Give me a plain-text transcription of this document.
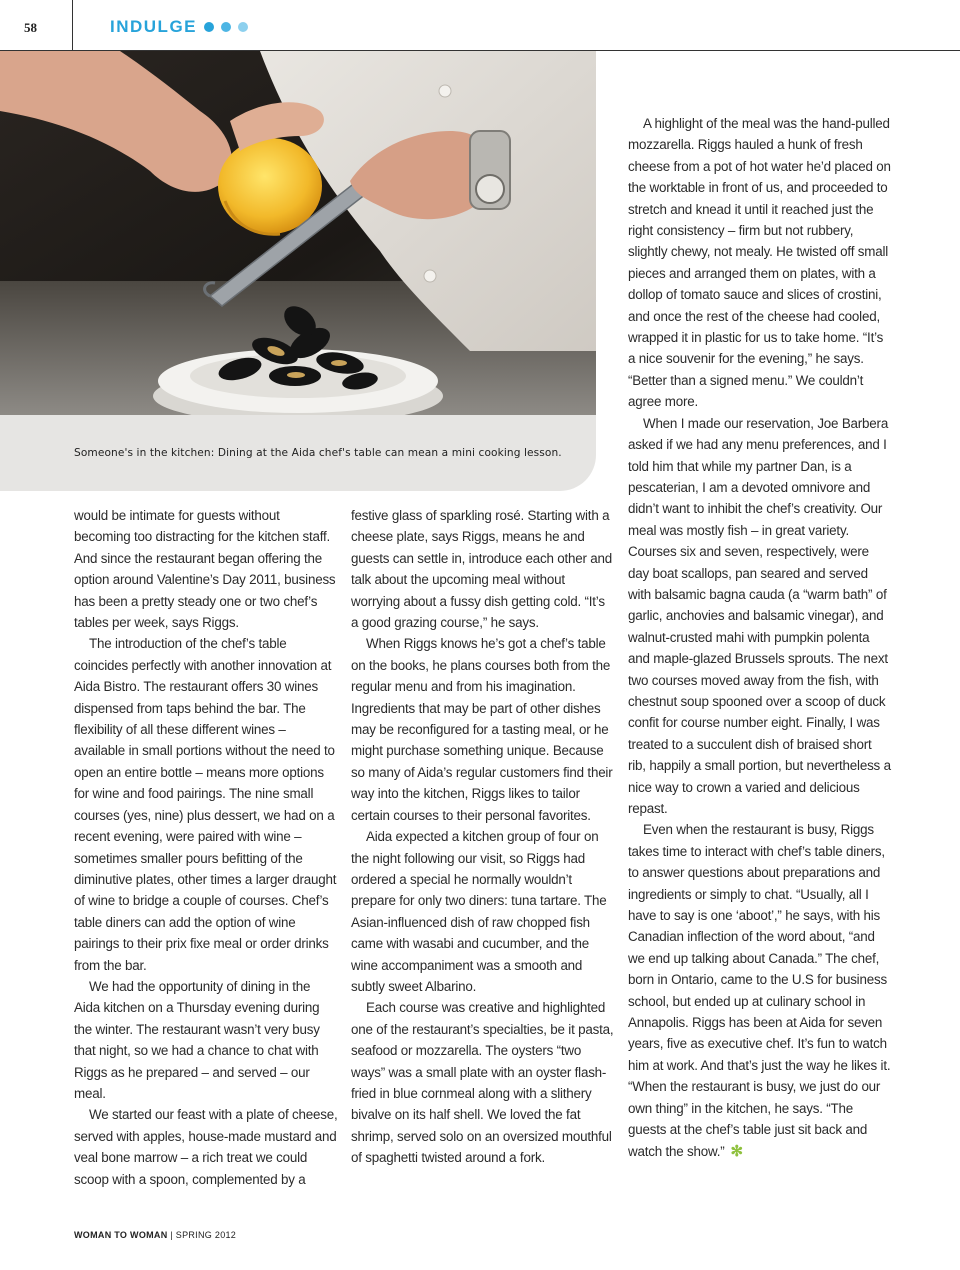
58	INDULGE
Someone's in the kitchen: Dining at the Aida chef's table can mean a mini cooking lesson.

would be intimate for guests without becoming too distracting for the kitchen staff. And since the restaurant began offering the option around Valentine’s Day 2011, business has been a pretty steady one or two chef’s tables per week, says Riggs.

The introduction of the chef’s table coincides perfectly with another innovation at Aida Bistro. The restaurant offers 30 wines dispensed from taps behind the bar. The flexibility of all these different wines – available in small portions without the need to open an entire bottle – means more options for wine and food pairings. The nine small courses (yes, nine) plus dessert, we had on a recent evening, were paired with wine – sometimes smaller pours befitting of the diminutive plates, other times a larger draught of wine to bridge a couple of courses. Chef’s table diners can add the option of wine pairings to their prix fixe meal or order drinks from the bar.

We had the opportunity of dining in the Aida kitchen on a Thursday evening during the winter. The restaurant wasn’t very busy that night, so we had a chance to chat with Riggs as he prepared – and served – our meal.

We started our feast with a plate of cheese, served with apples, house-made mustard and veal bone marrow – a rich treat we could scoop with a spoon, complemented by a

festive glass of sparkling rosé. Starting with a cheese plate, says Riggs, means he and guests can settle in, introduce each other and talk about the upcoming meal without worrying about a fussy dish getting cold. “It’s a good grazing course,” he says.

When Riggs knows he’s got a chef’s table on the books, he plans courses both from the regular menu and from his imagination. Ingredients that may be part of other dishes may be reconfigured for a tasting meal, or he might purchase something unique. Because so many of Aida’s regular customers find their way into the kitchen, Riggs likes to tailor certain courses to their personal favorites.

Aida expected a kitchen group of four on the night following our visit, so Riggs had ordered a special he normally wouldn’t prepare for only two diners: tuna tartare. The Asian-influenced dish of raw chopped fish came with wasabi and cucumber, and the wine accompaniment was a smooth and subtly sweet Albarino.

Each course was creative and highlighted one of the restaurant’s specialties, be it pasta, seafood or mozzarella. The oysters “two ways” was a small plate with an oyster flash-fried in blue cornmeal along with a slithery bivalve on its half shell. We loved the fat shrimp, served solo on an oversized mouthful of spaghetti twisted around a fork.

A highlight of the meal was the hand-pulled mozzarella. Riggs hauled a hunk of fresh cheese from a pot of hot water he’d placed on the worktable in front of us, and proceeded to stretch and knead it until it reached just the right consistency – firm but not rubbery, slightly chewy, not mealy. He twisted off small pieces and arranged them on plates, with a dollop of tomato sauce and slices of crostini, and once the rest of the cheese had cooled, wrapped it in plastic for us to take home. “It’s a nice souvenir for the evening,” he says. “Better than a signed menu.” We couldn’t agree more.

When I made our reservation, Joe Barbera asked if we had any menu preferences, and I told him that while my partner Dan, is a pescaterian, I am a devoted omnivore and didn’t want to inhibit the chef’s creativity. Our meal was mostly fish – in great variety. Courses six and seven, respectively, were day boat scallops, pan seared and served with balsamic bagna cauda (a “warm bath” of garlic, anchovies and balsamic vinegar), and walnut-crusted mahi with pumpkin polenta and maple-glazed Brussels sprouts. The next two courses moved away from the fish, with chestnut soup spooned over a scoop of duck confit for course number eight. Finally, I was treated to a succulent dish of braised short rib, happily a small portion, but nevertheless a nice way to crown a varied and delicious repast.

Even when the restaurant is busy, Riggs takes time to interact with chef’s table diners, to answer questions about preparations and ingredients or simply to chat. “Usually, all I have to say is one ‘aboot’,” he says, with his Canadian inflection of the word about, “and we end up talking about Canada.” The chef, born in Ontario, came to the U.S for business school, but ended up at culinary school in Annapolis. Riggs has been at Aida for seven years, five as executive chef. It’s fun to watch him at work. And that’s just the way he likes it. “When the restaurant is busy, we just do our own thing” in the kitchen, he says. “The guests at the chef’s table just sit back and watch the show.” ✻

WOMAN TO WOMAN | SPRING 2012
